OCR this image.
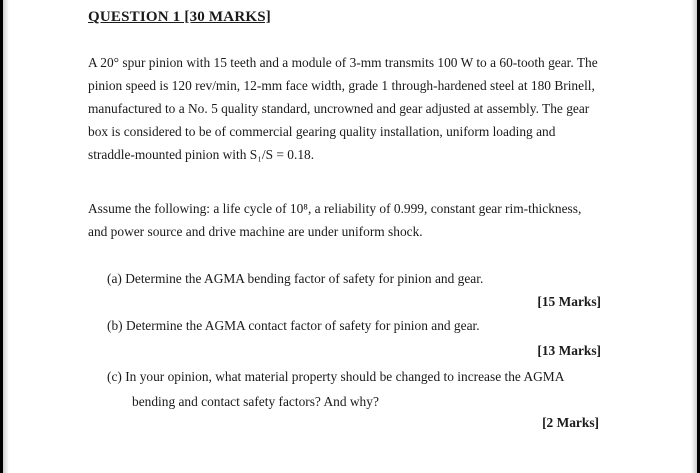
QUESTION 1 [30 MARKS]
A 20° spur pinion with 15 teeth and a module of 3-mm transmits 100 W to a 60-tooth gear. The
pinion speed is 120 rev/min, 12-mm face width, grade 1 through-hardened steel at 180 Brinell,
manufactured to a No. 5 quality standard, uncrowned and gear adjusted at assembly. The gear
box is considered to be of commercial gearing quality installation, uniform loading and
straddle-mounted pinion with S₁/S = 0.18.
Assume the following: a life cycle of 10⁸, a reliability of 0.999, constant gear rim-thickness,
and power source and drive machine are under uniform shock.
(a) Determine the AGMA bending factor of safety for pinion and gear.
[15 Marks]
(b) Determine the AGMA contact factor of safety for pinion and gear.
[13 Marks]
(c) In your opinion, what material property should be changed to increase the AGMA
bending and contact safety factors? And why?
[2 Marks]
